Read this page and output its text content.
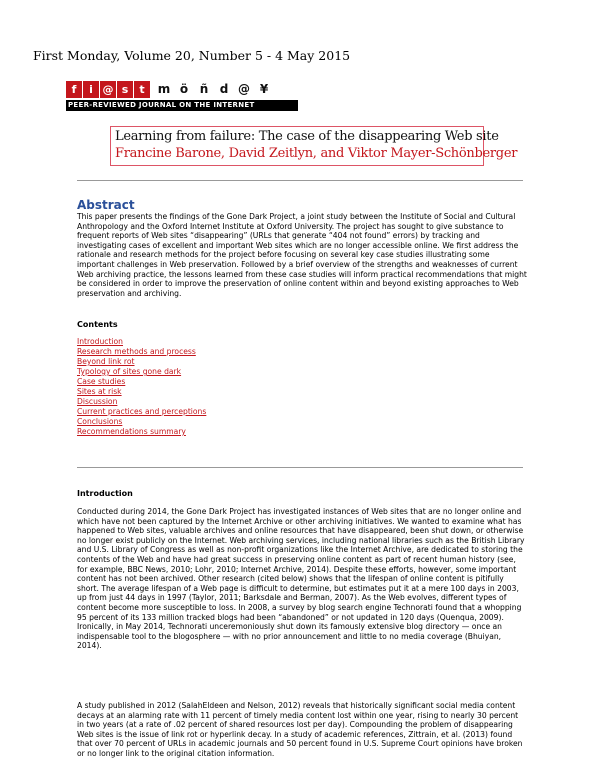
First Monday, Volume 20, Number 5 - 4 May 2015
f	i @ s	t	m ö ñ d @ ¥
PEER-REVIEWED JOURNAL ON THE INTERNET
Learning from failure: The case of the disappearing Web site
Francine Barone, David Zeitlyn, and Viktor Mayer-Schönberger
Abstract
This paper presents the findings of the Gone Dark Project, a joint study between the Institute of Social and Cultural Anthropology and the Oxford Internet Institute at Oxford University. The project has sought to give substance to frequent reports of Web sites “disappearing” (URLs that generate “404 not found” errors) by tracking and investigating cases of excellent and important Web sites which are no longer accessible online. We first address the rationale and research methods for the project before focusing on several key case studies illustrating some important challenges in Web preservation. Followed by a brief overview of the strengths and weaknesses of current Web archiving practice, the lessons learned from these case studies will inform practical recommendations that might be considered in order to improve the preservation of online content within and beyond existing approaches to Web preservation and archiving.
Contents
Introduction
Research methods and process
Beyond link rot
Typology of sites gone dark
Case studies
Sites at risk
Discussion
Current practices and perceptions
Conclusions
Recommendations summary
Introduction
Conducted during 2014, the Gone Dark Project has investigated instances of Web sites that are no longer online and which have not been captured by the Internet Archive or other archiving initiatives. We wanted to examine what has happened to Web sites, valuable archives and online resources that have disappeared, been shut down, or otherwise no longer exist publicly on the Internet. Web archiving services, including national libraries such as the British Library and U.S. Library of Congress as well as non-profit organizations like the Internet Archive, are dedicated to storing the contents of the Web and have had great success in preserving online content as part of recent human history (see, for example, BBC News, 2010; Lohr, 2010; Internet Archive, 2014). Despite these efforts, however, some important content has not been archived. Other research (cited below) shows that the lifespan of online content is pitifully short. The average lifespan of a Web page is difficult to determine, but estimates put it at a mere 100 days in 2003, up from just 44 days in 1997 (Taylor, 2011; Barksdale and Berman, 2007). As the Web evolves, different types of content become more susceptible to loss. In 2008, a survey by blog search engine Technorati found that a whopping 95 percent of its 133 million tracked blogs had been “abandoned” or not updated in 120 days (Quenqua, 2009). Ironically, in May 2014, Technorati unceremoniously shut down its famously extensive blog directory — once an indispensable tool to the blogosphere — with no prior announcement and little to no media coverage (Bhuiyan, 2014).
A study published in 2012 (SalahEldeen and Nelson, 2012) reveals that historically significant social media content decays at an alarming rate with 11 percent of timely media content lost within one year, rising to nearly 30 percent in two years (at a rate of .02 percent of shared resources lost per day). Compounding the problem of disappearing Web sites is the issue of link rot or hyperlink decay. In a study of academic references, Zittrain, et al. (2013) found that over 70 percent of URLs in academic journals and 50 percent found in U.S. Supreme Court opinions have broken or no longer link to the original citation information.
